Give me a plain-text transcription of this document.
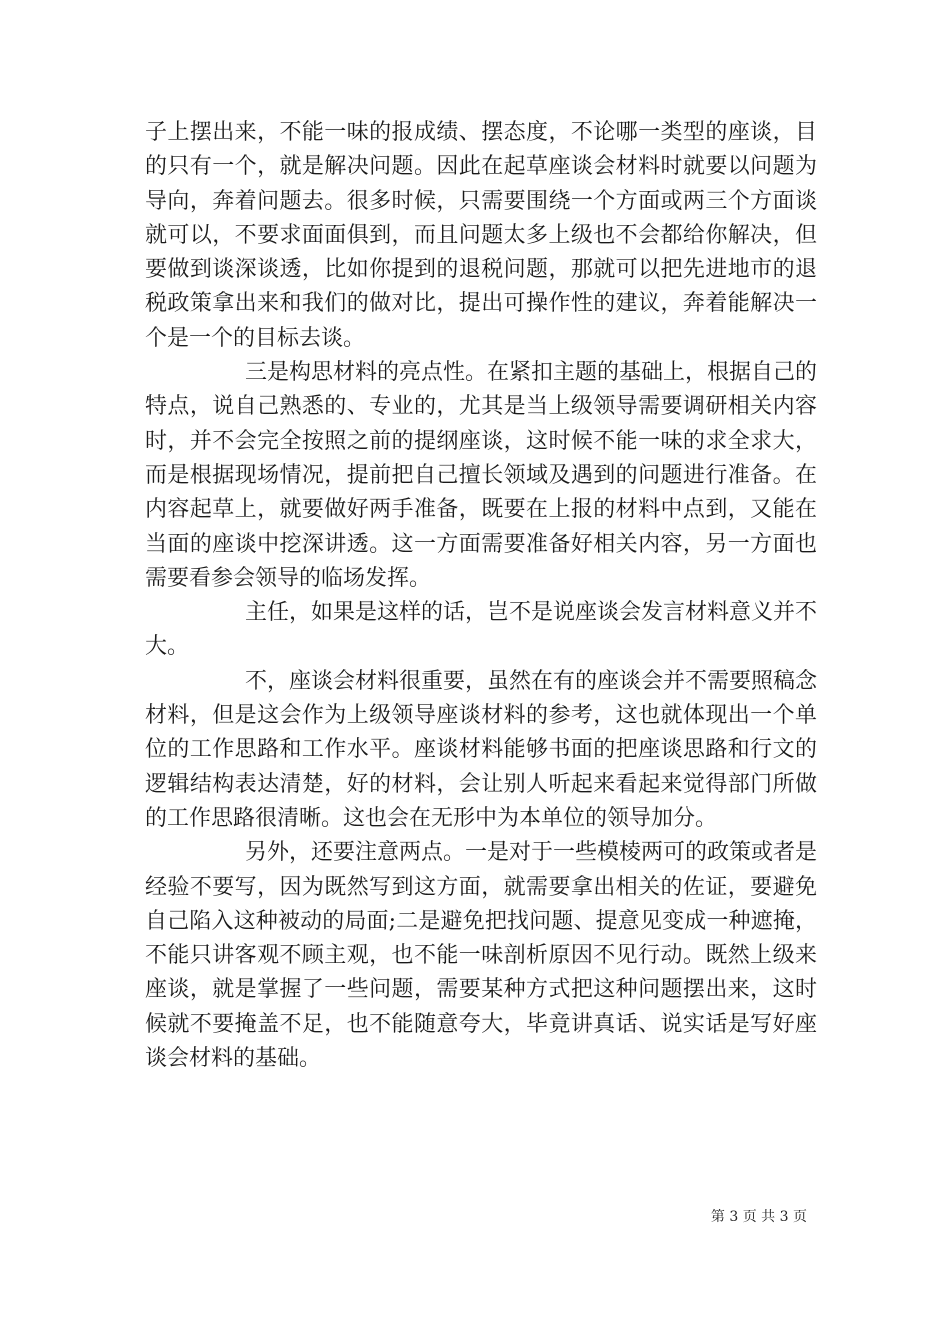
子上摆出来，不能一味的报成绩、摆态度，不论哪一类型的座谈，目的只有一个，就是解决问题。因此在起草座谈会材料时就要以问题为导向，奔着问题去。很多时候，只需要围绕一个方面或两三个方面谈就可以，不要求面面俱到，而且问题太多上级也不会都给你解决，但要做到谈深谈透，比如你提到的退税问题，那就可以把先进地市的退税政策拿出来和我们的做对比，提出可操作性的建议，奔着能解决一个是一个的目标去谈。

三是构思材料的亮点性。在紧扣主题的基础上，根据自己的特点，说自己熟悉的、专业的，尤其是当上级领导需要调研相关内容时，并不会完全按照之前的提纲座谈，这时候不能一味的求全求大，而是根据现场情况，提前把自己擅长领域及遇到的问题进行准备。在内容起草上，就要做好两手准备，既要在上报的材料中点到，又能在当面的座谈中挖深讲透。这一方面需要准备好相关内容，另一方面也需要看参会领导的临场发挥。

主任，如果是这样的话，岂不是说座谈会发言材料意义并不大。

不，座谈会材料很重要，虽然在有的座谈会并不需要照稿念材料，但是这会作为上级领导座谈材料的参考，这也就体现出一个单位的工作思路和工作水平。座谈材料能够书面的把座谈思路和行文的逻辑结构表达清楚，好的材料，会让别人听起来看起来觉得部门所做的工作思路很清晰。这也会在无形中为本单位的领导加分。

另外，还要注意两点。一是对于一些模棱两可的政策或者是经验不要写，因为既然写到这方面，就需要拿出相关的佐证，要避免自己陷入这种被动的局面;二是避免把找问题、提意见变成一种遮掩，不能只讲客观不顾主观，也不能一味剖析原因不见行动。既然上级来座谈，就是掌握了一些问题，需要某种方式把这种问题摆出来，这时候就不要掩盖不足，也不能随意夸大，毕竟讲真话、说实话是写好座谈会材料的基础。

第 3 页 共 3 页
